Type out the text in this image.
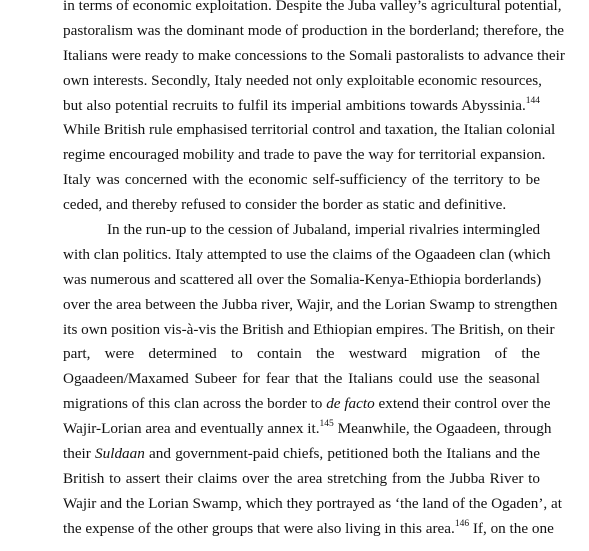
in terms of economic exploitation. Despite the Juba valley’s agricultural potential,
pastoralism was the dominant mode of production in the borderland; therefore, the
Italians were ready to make concessions to the Somali pastoralists to advance their
own interests. Secondly, Italy needed not only exploitable economic resources,
but also potential recruits to fulfil its imperial ambitions towards Abyssinia.$^{144}$
While British rule emphasised territorial control and taxation, the Italian colonial
regime encouraged mobility and trade to pave the way for territorial expansion.
Italy was concerned with the economic self-sufficiency of the territory to be
ceded, and thereby refused to consider the border as static and definitive.
In the run-up to the cession of Jubaland, imperial rivalries intermingled
with clan politics. Italy attempted to use the claims of the Ogaadeen clan (which
was numerous and scattered all over the Somalia-Kenya-Ethiopia borderlands)
over the area between the Jubba river, Wajir, and the Lorian Swamp to strengthen
its own position vis-à-vis the British and Ethiopian empires. The British, on their
part, were determined to contain the westward migration of the
Ogaadeen/Maxamed Subeer for fear that the Italians could use the seasonal
migrations of this clan across the border to de facto extend their control over the
Wajir-Lorian area and eventually annex it.$^{145}$ Meanwhile, the Ogaadeen, through
their Suldaan and government-paid chiefs, petitioned both the Italians and the
British to assert their claims over the area stretching from the Jubba River to
Wajir and the Lorian Swamp, which they portrayed as ‘the land of the Ogaden’, at
the expense of the other groups that were also living in this area.$^{146}$ If, on the one
